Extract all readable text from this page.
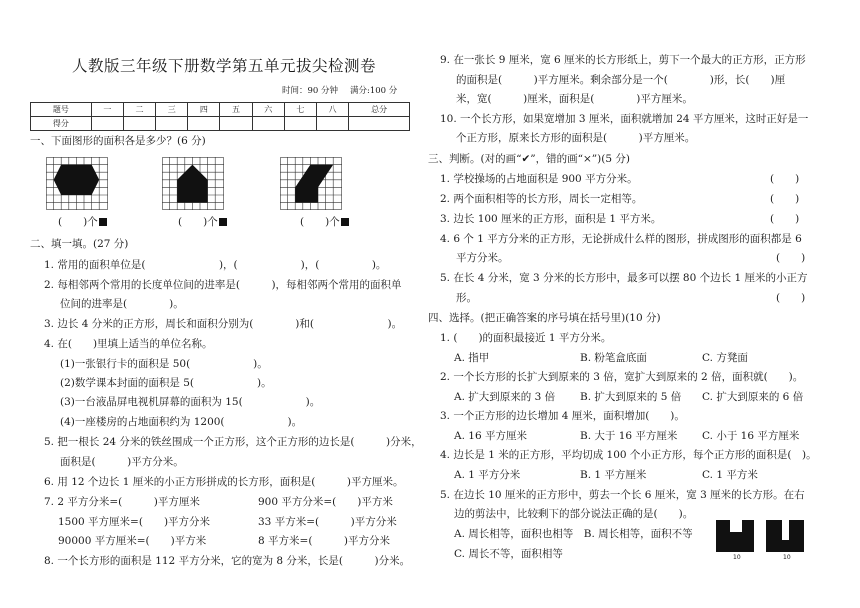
人教版三年级下册数学第五单元拔尖检测卷
时间：90 分钟 满分:100 分
题号	一	二	三	四	五	六	七	八	总分
得分									
一、下面图形的面积各是多少？(6 分)
(　　)个	(　　)个	(　　)个
二、填一填。(27 分)
1. 常用的面积单位是(　　　　　　　)，(　　　　　　)，(　　　　　)。
2. 每相邻两个常用的长度单位间的进率是(　　　)，每相邻两个常用的面积单
位间的进率是(　　　　)。
3. 边长 4 分米的正方形，周长和面积分别为(　　　　)和(　　　　　　　)。
4. 在(　　)里填上适当的单位名称。
(1)一张银行卡的面积是 50(　　　　　　)。
(2)数学课本封面的面积是 5(　　　　　　)。
(3)一台液晶屏电视机屏幕的面积为 15(　　　　　　)。
(4)一座楼房的占地面积约为 1200(　　　　　　)。
5. 把一根长 24 分米的铁丝围成一个正方形，这个正方形的边长是(　　　)分米，
面积是(　　　)平方分米。
6. 用 12 个边长 1 厘米的小正方形拼成的长方形，面积是(　　　)平方厘米。
7. 2 平方分米=(　　　)平方厘米	900 平方分米=(　　)平方米
1500 平方厘米=(　　)平方分米	33 平方米=(　　　)平方分米
90000 平方厘米=(　　)平方米	8 平方米=(　　　)平方分米
8. 一个长方形的面积是 112 平方分米，它的宽为 8 分米，长是(　　　)分米。
9. 在一张长 9 厘米，宽 6 厘米的长方形纸上，剪下一个最大的正方形，正方形
的面积是(　　　)平方厘米。剩余部分是一个(　　　　)形，长(　　)厘
米，宽(　　　)厘米，面积是(　　　　)平方厘米。
10. 一个长方形，如果宽增加 3 厘米，面积就增加 24 平方厘米，这时正好是一
个正方形，原来长方形的面积是(　　　)平方厘米。
三、判断。(对的画“✔”，错的画“×”)(5 分)
1. 学校操场的占地面积是 900 平方分米。	(　　)
2. 两个面积相等的长方形，周长一定相等。	(　　)
3. 边长 100 厘米的正方形，面积是 1 平方米。	(　　)
4. 6 个 1 平方分米的正方形，无论拼成什么样的图形，拼成图形的面积都是 6
平方分米。	(　　)
5. 在长 4 分米，宽 3 分米的长方形中，最多可以摆 80 个边长 1 厘米的小正方
形。	(　　)
四、选择。(把正确答案的序号填在括号里)(10 分)
1. (　　)的面积最接近 1 平方分米。
A. 指甲	B. 粉笔盒底面	C. 方凳面
2. 一个长方形的长扩大到原来的 3 倍，宽扩大到原来的 2 倍，面积就(　　)。
A. 扩大到原来的 3 倍 B. 扩大到原来的 5 倍 C. 扩大到原来的 6 倍
3. 一个正方形的边长增加 4 厘米，面积增加(　　)。
A. 16 平方厘米	B. 大于 16 平方厘米 C. 小于 16 平方厘米
4. 边长是 1 米的正方形，平均切成 100 个小正方形，每个正方形的面积是(　)。
A. 1 平方分米	B. 1 平方厘米	C. 1 平方米
5. 在边长 10 厘米的正方形中，剪去一个长 6 厘米，宽 3 厘米的长方形。在右
边的剪法中，比较剩下的部分说法正确的是(　　)。
A. 周长相等，面积也相等　B. 周长相等，面积不等
C. 周长不等，面积相等	10	10
